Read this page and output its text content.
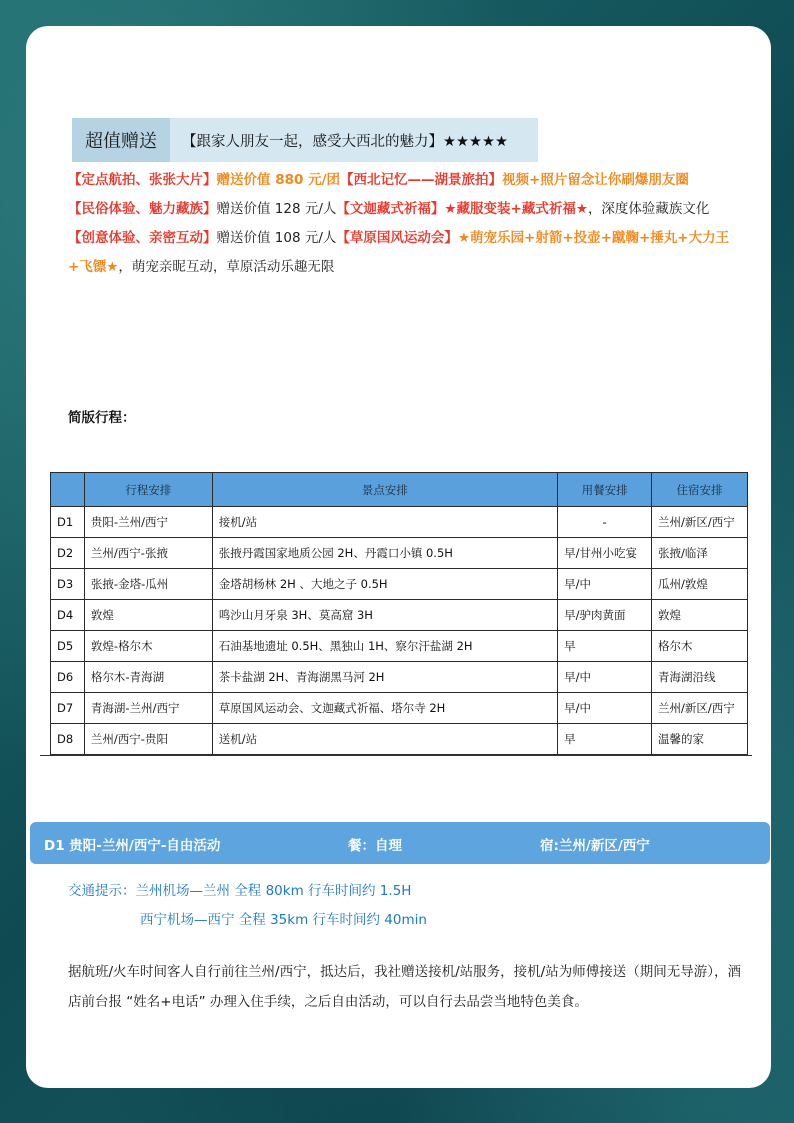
超值赠送	【跟家人朋友一起，感受大西北的魅力】★★★★★

【定点航拍、张张大片】赠送价值 880 元/团【西北记忆——湖景旅拍】视频+照片留念让你刷爆朋友圈

【民俗体验、魅力藏族】赠送价值 128 元/人【文迦藏式祈福】★藏服变装+藏式祈福★，深度体验藏族文化

【创意体验、亲密互动】赠送价值 108 元/人【草原国风运动会】★萌宠乐园+射箭+投壶+蹴鞠+捶丸+大力王+飞镖★，萌宠亲昵互动，草原活动乐趣无限

简版行程：
	行程安排	景点安排	用餐安排	住宿安排
D1	贵阳-兰州/西宁	接机/站	-	兰州/新区/西宁
D2	兰州/西宁-张掖	张掖丹霞国家地质公园 2H、丹霞口小镇 0.5H	早/甘州小吃宴	张掖/临泽
D3	张掖-金塔-瓜州	金塔胡杨林 2H 、大地之子 0.5H	早/中	瓜州/敦煌
D4	敦煌	鸣沙山月牙泉 3H、莫高窟 3H	早/驴肉黄面	敦煌
D5	敦煌-格尔木	石油基地遗址 0.5H、黑独山 1H、察尔汗盐湖 2H	早	格尔木
D6	格尔木-青海湖	茶卡盐湖 2H、青海湖黑马河 2H	早/中	青海湖沿线
D7	青海湖-兰州/西宁	草原国风运动会、文迦藏式祈福、塔尔寺 2H	早/中	兰州/新区/西宁
D8	兰州/西宁-贵阳	送机/站	早	温馨的家
D1 贵阳-兰州/西宁-自由活动	餐：自理	宿:兰州/新区/西宁
交通提示：兰州机场—兰州 全程 80km 行车时间约 1.5H
西宁机场—西宁 全程 35km 行车时间约 40min
据航班/火车时间客人自行前往兰州/西宁，抵达后，我社赠送接机/站服务，接机/站为师傅接送（期间无导游），酒店前台报 “姓名+电话” 办理入住手续，之后自由活动，可以自行去品尝当地特色美食。
